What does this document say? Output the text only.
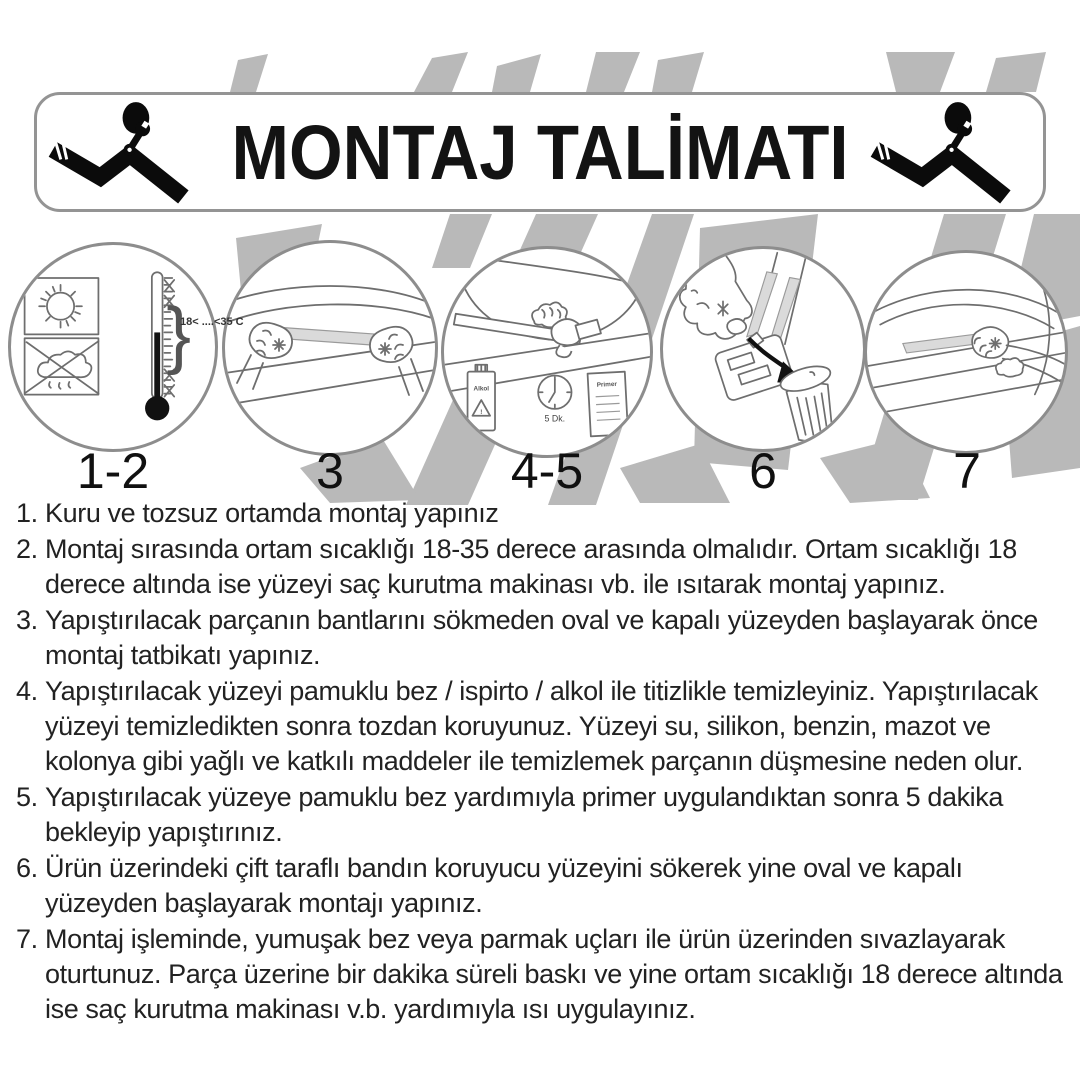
MONTAJ TALİMATI
}
18< ....<35 C
Alkol
!
5 Dk.
Primer
1-2	3	4-5	6	7
1. Kuru ve tozsuz ortamda montaj yapınız
2. Montaj sırasında ortam sıcaklığı 18-35 derece arasında olmalıdır. Ortam sıcaklığı 18 derece altında ise yüzeyi saç kurutma makinası vb. ile ısıtarak montaj yapınız.
3. Yapıştırılacak parçanın bantlarını sökmeden oval ve kapalı yüzeyden başlayarak önce montaj tatbikatı yapınız.
4. Yapıştırılacak yüzeyi pamuklu bez / ispirto / alkol ile titizlikle temizleyiniz. Yapıştırılacak yüzeyi temizledikten sonra tozdan koruyunuz. Yüzeyi su, silikon, benzin, mazot ve kolonya gibi yağlı ve katkılı maddeler ile temizlemek parçanın düşmesine neden olur.
5. Yapıştırılacak yüzeye pamuklu bez yardımıyla primer uygulandıktan sonra 5 dakika bekleyip yapıştırınız.
6. Ürün üzerindeki çift taraflı bandın koruyucu yüzeyini sökerek yine oval ve kapalı yüzeyden başlayarak montajı yapınız.
7. Montaj işleminde, yumuşak bez veya parmak uçları ile ürün üzerinden sıvazlayarak oturtunuz. Parça üzerine bir dakika süreli baskı ve yine ortam sıcaklığı 18 derece altında ise saç kurutma makinası v.b. yardımıyla ısı uygulayınız.
